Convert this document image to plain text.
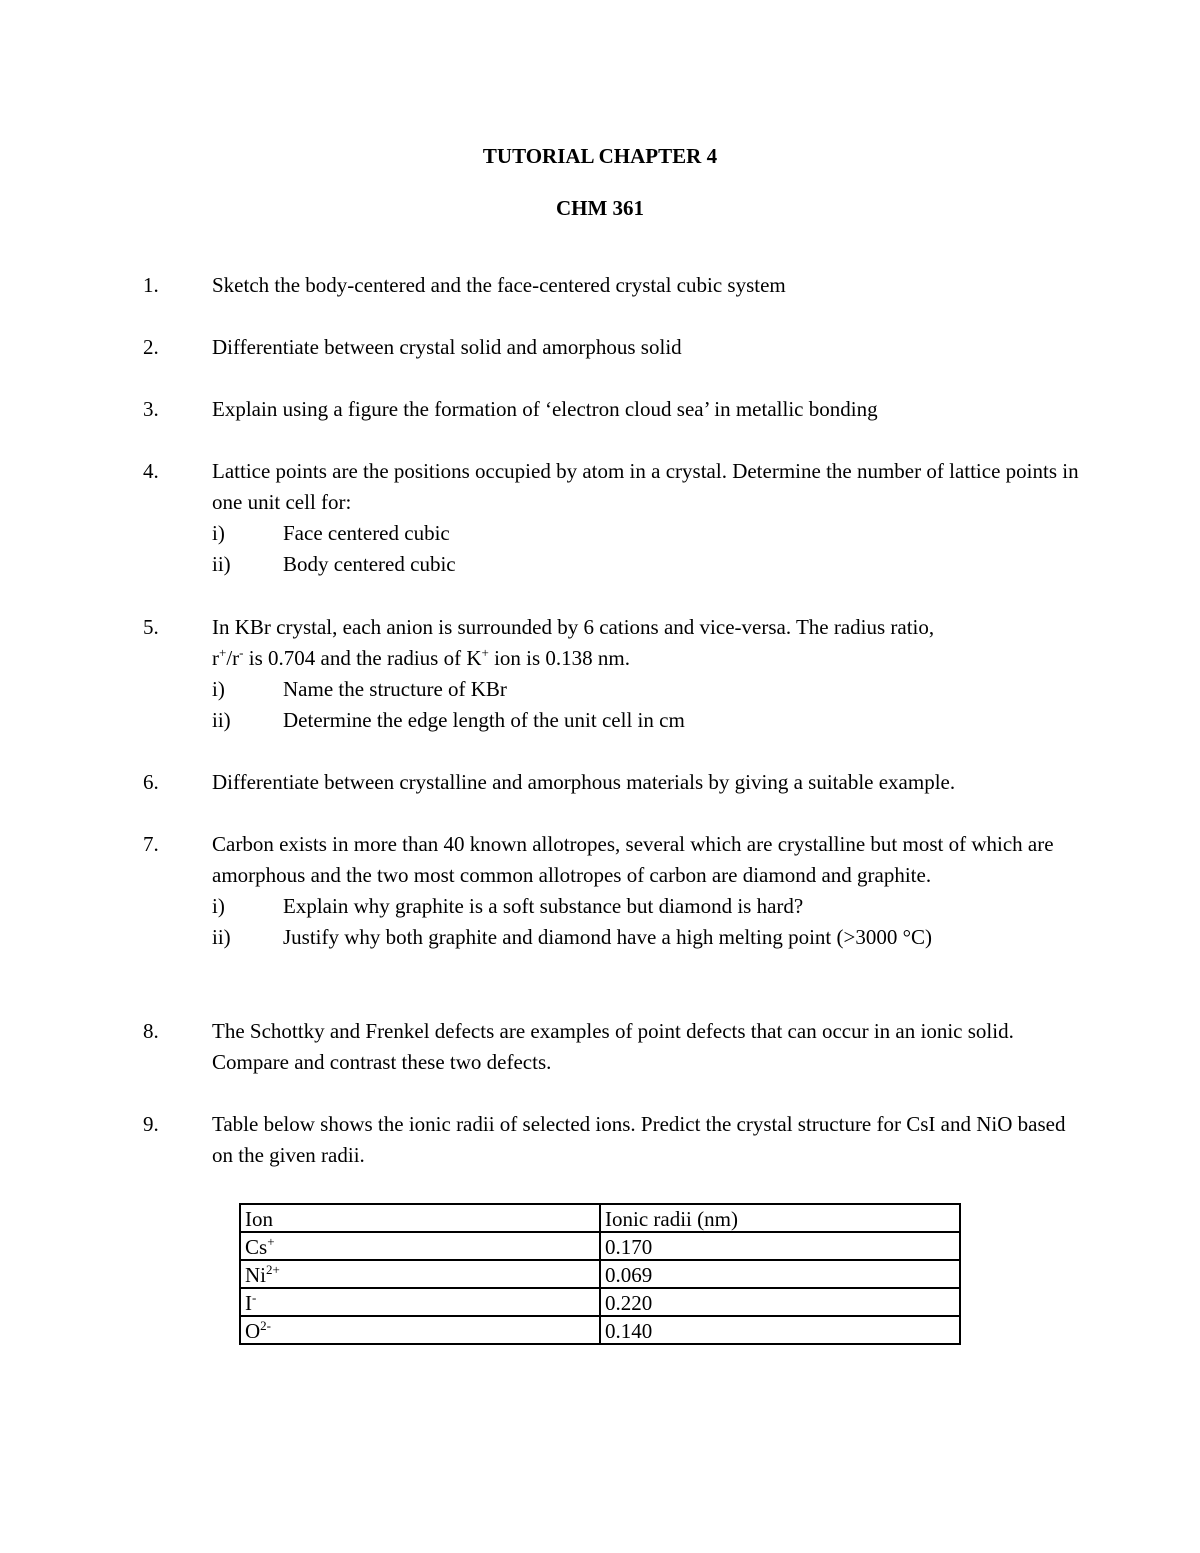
TUTORIAL CHAPTER 4
CHM 361
1.	Sketch the body-centered and the face-centered crystal cubic system
2.	Differentiate between crystal solid and amorphous solid
3.	Explain using a figure the formation of ‘electron cloud sea’ in metallic bonding
4.	Lattice points are the positions occupied by atom in a crystal. Determine the number of lattice points in one unit cell for:
i)	Face centered cubic
ii)	Body centered cubic
5.	In KBr crystal, each anion is surrounded by 6 cations and vice-versa. The radius ratio,
r+/r- is 0.704 and the radius of K+ ion is 0.138 nm.
i)	Name the structure of KBr
ii)	Determine the edge length of the unit cell in cm
6.	Differentiate between crystalline and amorphous materials by giving a suitable example.
7.	Carbon exists in more than 40 known allotropes, several which are crystalline but most of which are amorphous and the two most common allotropes of carbon are diamond and graphite.
i)	Explain why graphite is a soft substance but diamond is hard?
ii)	Justify why both graphite and diamond have a high melting point (>3000 °C)
8.	The Schottky and Frenkel defects are examples of point defects that can occur in an ionic solid. Compare and contrast these two defects.
9.	Table below shows the ionic radii of selected ions. Predict the crystal structure for CsI and NiO based on the given radii.
Ion	Ionic radii (nm)
Cs+	0.170
$Ni^{2+}$	0.069
I-	0.220
$O^{2-}$	0.140
